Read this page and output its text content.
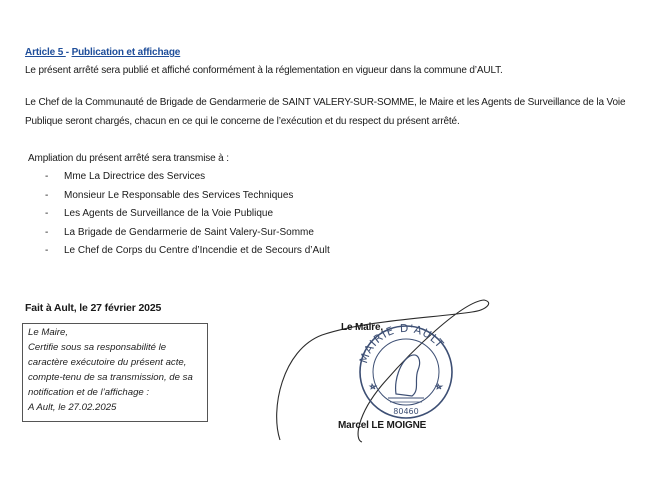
Article 5 - Publication et affichage
Le présent arrêté sera publié et affiché conformément à la réglementation en vigueur dans la commune d’AULT.
Le Chef de la Communauté de Brigade de Gendarmerie de SAINT VALERY-SUR-SOMME, le Maire et les Agents de Surveillance de la Voie
Publique seront chargés, chacun en ce qui le concerne de l’exécution et du respect du présent arrêté.
Ampliation du présent arrêté sera transmise à :
- Mme La Directrice des Services
- Monsieur Le Responsable des Services Techniques
- Les Agents de Surveillance de la Voie Publique
- La Brigade de Gendarmerie de Saint Valery-Sur-Somme
- Le Chef de Corps du Centre d’Incendie et de Secours d’Ault
Fait à Ault, le 27 février 2025
Le Maire,
Certifie sous sa responsabilité le
caractère exécutoire du présent acte,
compte-tenu de sa transmission, de sa
notification et de l’affichage :
A Ault, le 27.02.2025
MAIRIE D'AULT
80460
Le Maire,
Marcel LE MOIGNE
